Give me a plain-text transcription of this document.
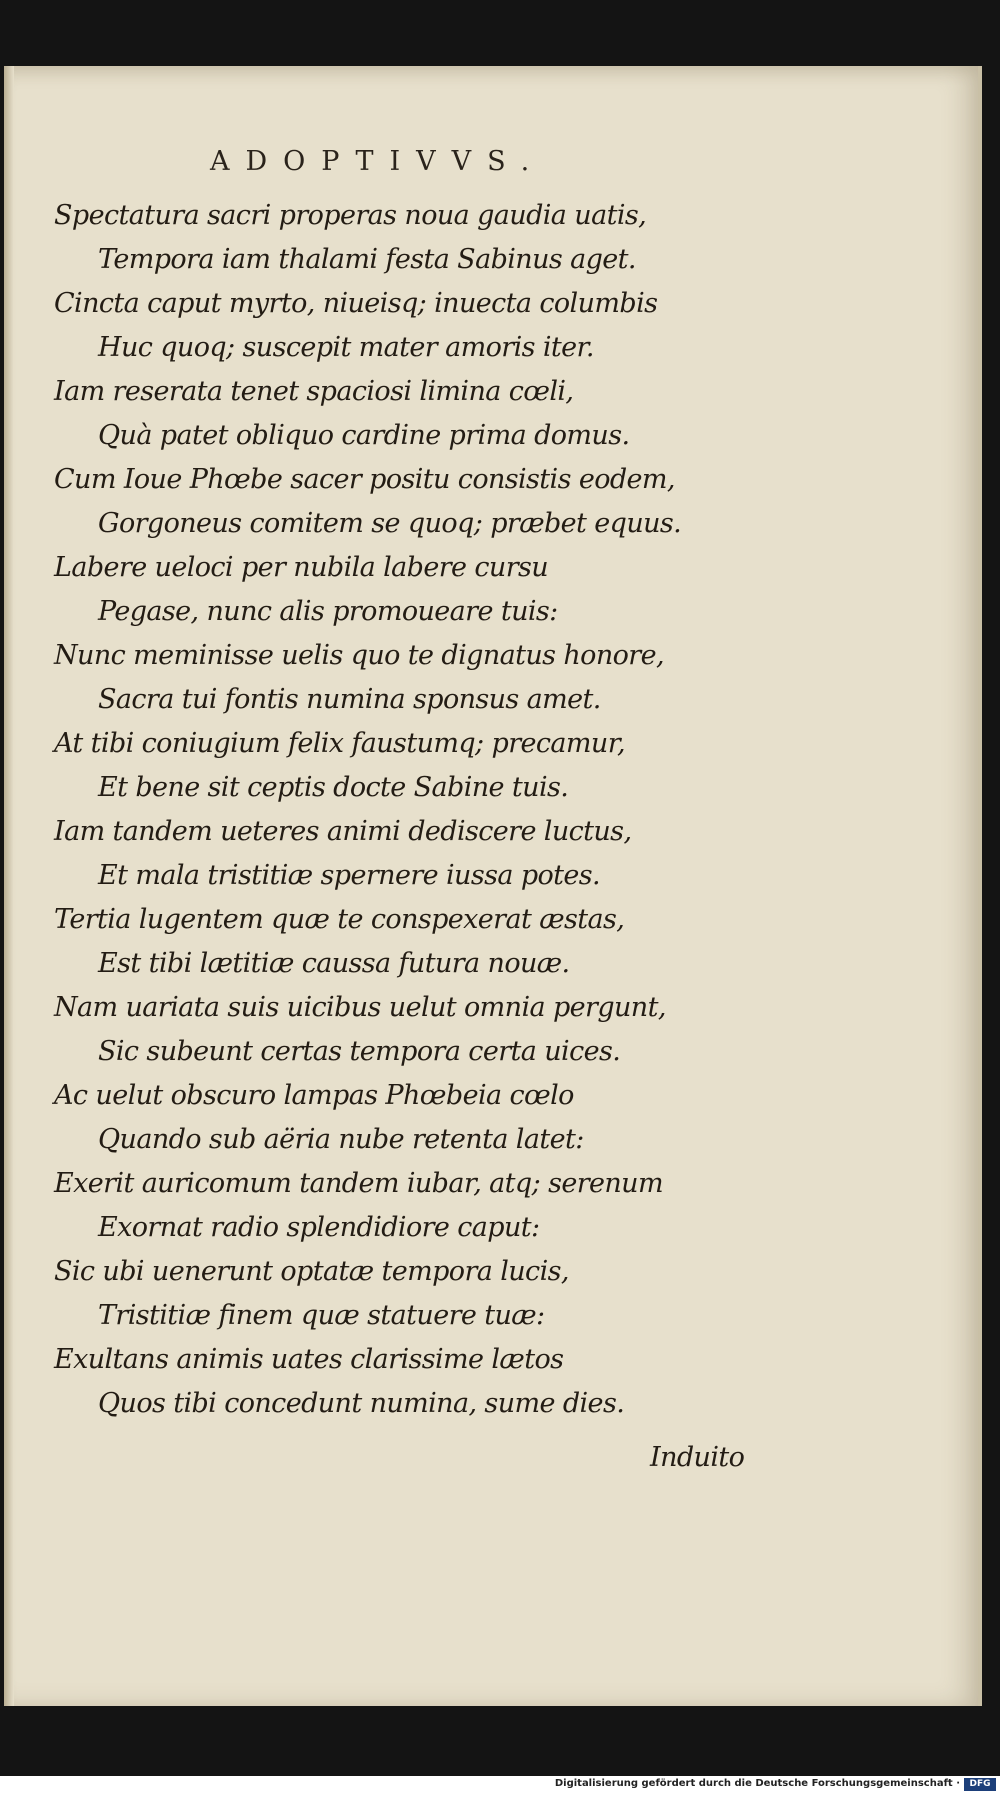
ADOPTIVVS.
Spectatura sacri properas noua gaudia uatis,
Tempora iam thalami festa Sabinus aget.
Cincta caput myrto, niueisq; inuecta columbis
Huc quoq; suscepit mater amoris iter.
Iam reserata tenet spaciosi limina cœli,
Quà patet obliquo cardine prima domus.
Cum Ioue Phœbe sacer positu consistis eodem,
Gorgoneus comitem se quoq; præbet equus.
Labere ueloci per nubila labere cursu
Pegase, nunc alis promoueare tuis:
Nunc meminisse uelis quo te dignatus honore,
Sacra tui fontis numina sponsus amet.
At tibi coniugium felix faustumq; precamur,
Et bene sit ceptis docte Sabine tuis.
Iam tandem ueteres animi dediscere luctus,
Et mala tristitiæ spernere iussa potes.
Tertia lugentem quæ te conspexerat æstas,
Est tibi lætitiæ caussa futura nouæ.
Nam uariata suis uicibus uelut omnia pergunt,
Sic subeunt certas tempora certa uices.
Ac uelut obscuro lampas Phœbeia cœlo
Quando sub aëria nube retenta latet:
Exerit auricomum tandem iubar, atq; serenum
Exornat radio splendidiore caput:
Sic ubi uenerunt optatæ tempora lucis,
Tristitiæ finem quæ statuere tuæ:
Exultans animis uates clarissime lætos
Quos tibi concedunt numina, sume dies.
Induito
Digitalisierung gefördert durch die Deutsche Forschungsgemeinschaft ·	DFG
